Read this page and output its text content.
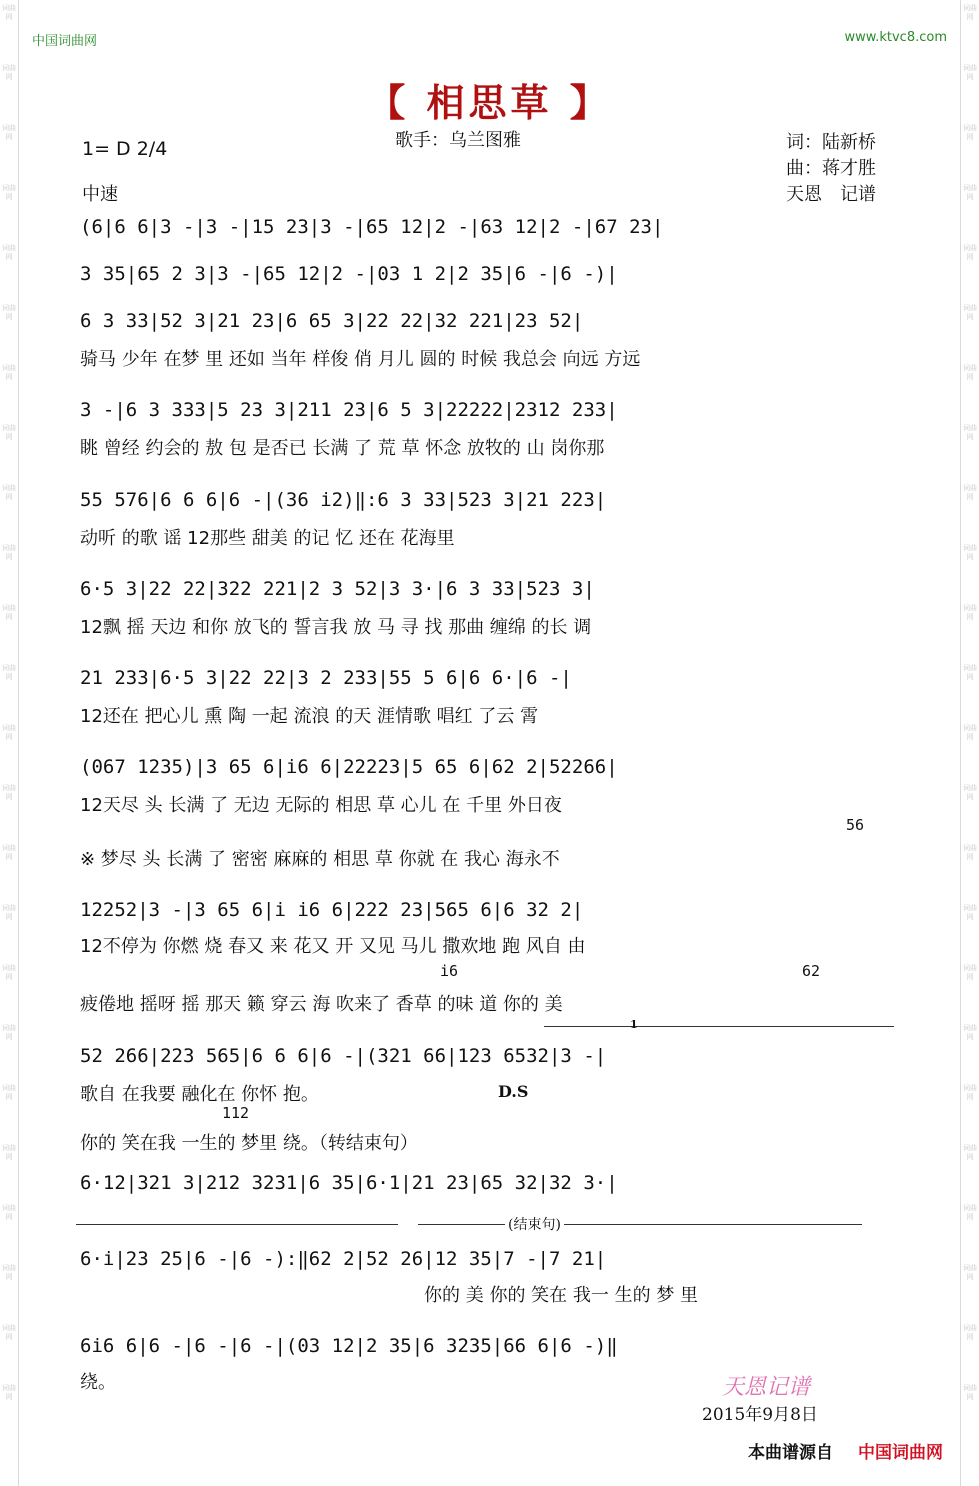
词曲网
词曲网
词曲网
词曲网
词曲网
词曲网
词曲网
词曲网
词曲网
词曲网
词曲网
词曲网
词曲网
词曲网
词曲网
词曲网
词曲网
词曲网
词曲网
词曲网
词曲网
词曲网
词曲网
词曲网
词曲网
词曲网
词曲网
词曲网
词曲网
词曲网
词曲网
词曲网
词曲网
词曲网
词曲网
词曲网
词曲网
词曲网
词曲网
词曲网
词曲网
词曲网
词曲网
词曲网
词曲网
词曲网
词曲网
词曲网
中国词曲网	www.ktvc8.com
【 相思草 】
歌手：乌兰图雅	词：陆新桥
曲：蒋才胜
天恩　记谱
1= D 2/4
中速
(6|6 6|3 -|3 -|15 23|3 -|65 12|2 -|63 12|2 -|67 23|
3 35|65 2 3|3 -|65 12|2 -|03 1 2|2 35|6 -|6 -)|
6 3 33|52 3|21 23|6 65 3|22 22|32 221|23 52|
骑马 少年 在梦 里 还如 当年 样俊 俏 月儿 圆的 时候 我总会 向远 方远
3 -|6 3 333|5 23 3|211 23|6 5 3|22222|2312 233|
眺 曾经 约会的 敖 包 是否已 长满 了 荒 草 怀念 放牧的 山 岗你那
55 576|6 6 6|6 -|(36 i2)‖:6 3 33|523 3|21 223|
动听 的歌 谣 12那些 甜美 的记 忆 还在 花海里
6·5 3|22 22|322 221|2 3 52|3 3·|6 3 33|523 3|
12飘 摇 天边 和你 放飞的 誓言我 放 马 寻 找 那曲 缠绵 的长 调
21 233|6·5 3|22 22|3 2 233|55 5 6|6 6·|6 -|
12还在 把心儿 熏 陶 一起 流浪 的天 涯情歌 唱红 了云 霄
(067 1235)|3 65 6|i6 6|22223|5 65 6|62 2|52266|
12天尽 头 长满 了 无边 无际的 相思 草 心儿 在 千里 外日夜
56
※ 梦尽 头 长满 了 密密 麻麻的 相思 草 你就 在 我心 海永不
12252|3 -|3 65 6|i i6 6|222 23|565 6|6 32 2|
12不停为 你燃 烧 春又 来 花又 开 又见 马儿 撒欢地 跑 风自 由
i6	62
疲倦地 摇呀 摇 那天 籁 穿云 海 吹来了 香草 的味 道 你的 美
1
52 266|223 565|6 6 6|6 -|(321 66|123 6532|3 -|
歌自 在我要 融化在 你怀 抱。	D.S
112
你的 笑在我 一生的 梦里 绕。（转结束句）
6·12|321 3|212 3231|6 35|6·1|21 23|65 32|32 3·|
(结束句)
6·i|23 25|6 -|6 -):‖62 2|52 26|12 35|7 -|7 21|
你的 美 你的 笑在 我一 生的 梦 里
6i6 6|6 -|6 -|6 -|(03 12|2 35|6 3235|66 6|6 -)‖
绕。	天恩记谱
2015年9月8日
本曲谱源自 中国词曲网
